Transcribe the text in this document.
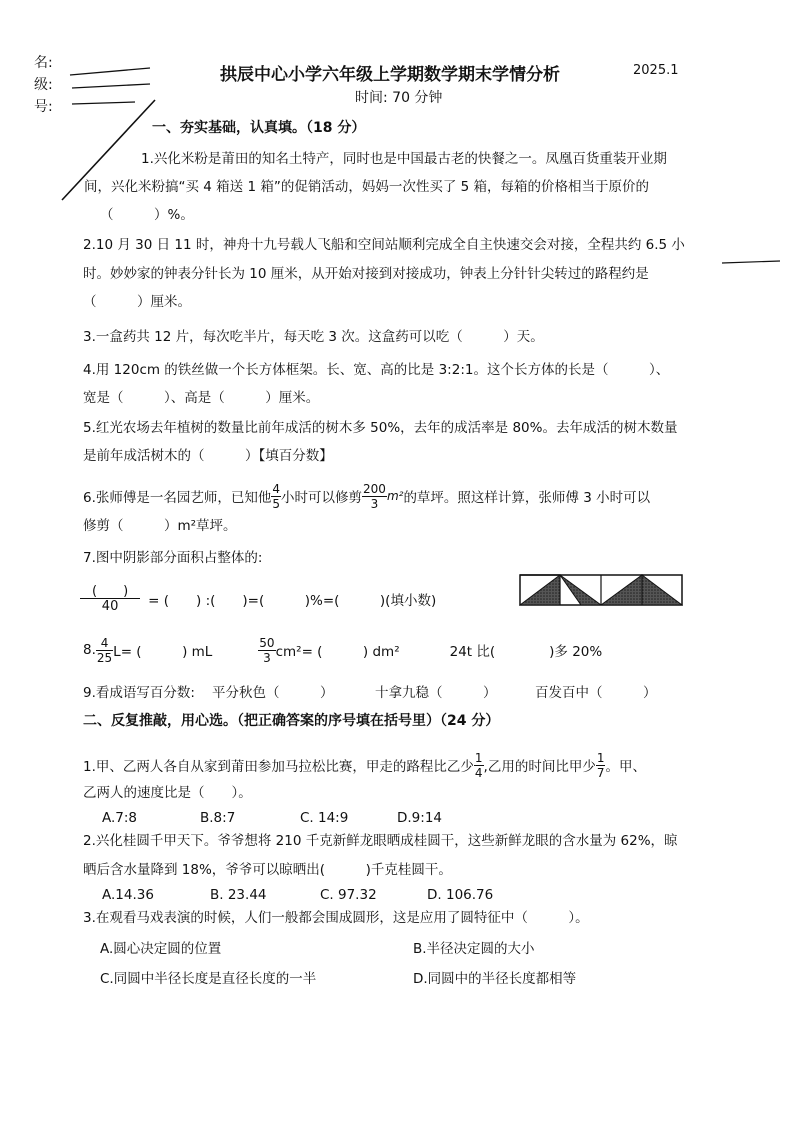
名:
级:
号:
拱辰中心小学六年级上学期数学期末学情分析	2025.1
时间: 70 分钟
一、夯实基础，认真填。（18 分）
1.兴化米粉是莆田的知名土特产，同时也是中国最古老的快餐之一。凤凰百货重装开业期
间，兴化米粉搞“买 4 箱送 1 箱”的促销活动，妈妈一次性买了 5 箱，每箱的价格相当于原价的
（　　　）%。
2.10 月 30 日 11 时，神舟十九号载人飞船和空间站顺利完成全自主快速交会对接，全程共约 6.5 小
时。妙妙家的钟表分针长为 10 厘米，从开始对接到对接成功，钟表上分针针尖转过的路程约是
（　　　）厘米。
3.一盒药共 12 片，每次吃半片，每天吃 3 次。这盒药可以吃（　　　）天。
4.用 120cm 的铁丝做一个长方体框架。长、宽、高的比是 3:2:1。这个长方体的长是（　　　）、
宽是（　　　）、高是（　　　）厘米。
5.红光农场去年植树的数量比前年成活的树木多 50%，去年的成活率是 80%。去年成活的树木数量
是前年成活树木的（　　　）【填百分数】
6.张师傅是一名园艺师，已知他 $\frac{4}{5}$ 小时可以修剪 $\frac{200}{3} m^2$ 的草坪。照这样计算，张师傅 3 小时可以
修剪（　　　）m²草坪。
7.图中阴影部分面积占整体的:
$\frac{( )}{40}$ = (　　) :(　　)=(　　　)%=(　　　)(填小数)
8. $\frac{4}{25} L=$ (　　　) mL	$\frac{50}{3} cm^2=$ (　　　) dm²	24t 比(　　　　)多 20%
9.看成语写百分数: 平分秋色（　　　）	十拿九稳（　　　）	百发百中（　　　）
二、反复推敲，用心选。（把正确答案的序号填在括号里）（24 分）
1.甲、乙两人各自从家到莆田参加马拉松比赛，甲走的路程比乙少 $\frac{1}{4}$ ,乙用的时间比甲少 $\frac{1}{7}$ 。甲、
乙两人的速度比是（　　）。
A.7:8	B.8:7	C. 14:9	D.9:14
2.兴化桂圆千甲天下。爷爷想将 210 千克新鲜龙眼晒成桂圆干，这些新鲜龙眼的含水量为 62%，晾
晒后含水量降到 18%，爷爷可以晾晒出(　　　)千克桂圆干。
A.14.36	B. 23.44	C. 97.32	D. 106.76
3.在观看马戏表演的时候，人们一般都会围成圆形，这是应用了圆特征中（　　　）。
A.圆心决定圆的位置	B.半径决定圆的大小
C.同圆中半径长度是直径长度的一半	D.同圆中的半径长度都相等
